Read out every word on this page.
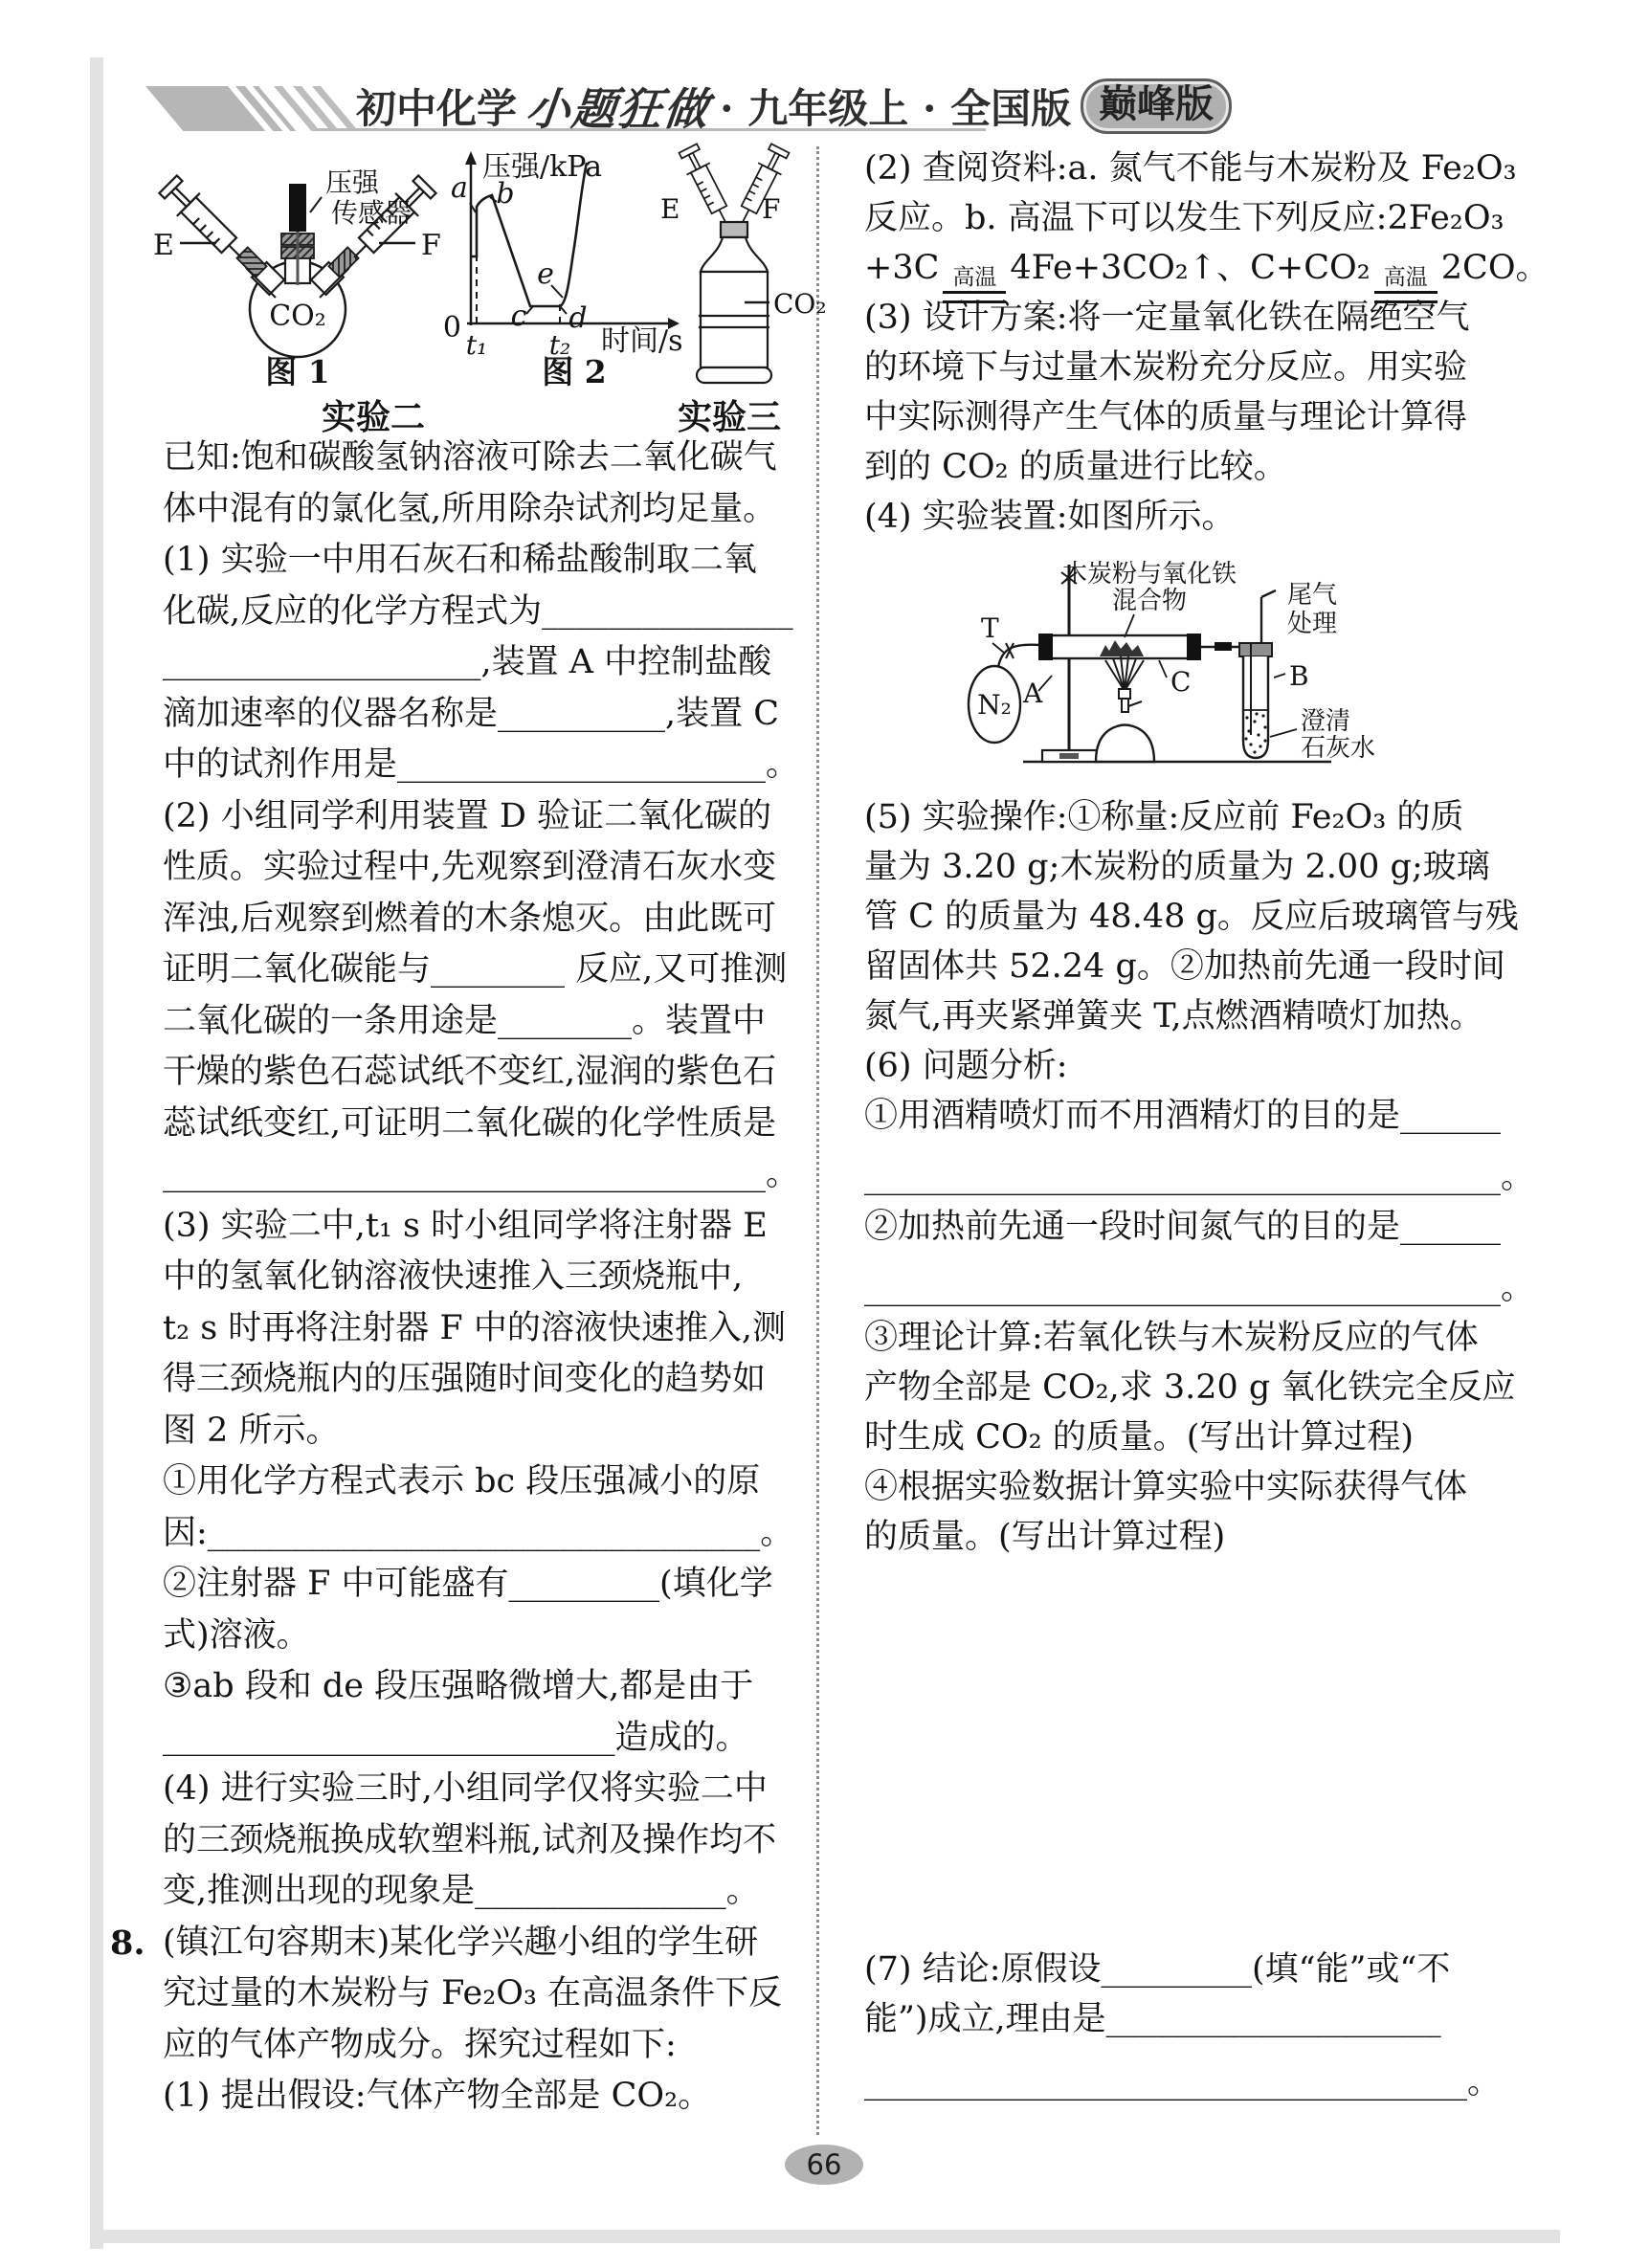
初中化学 小题狂做 · 九年级上 · 全国版 巅峰版
E	F
压强
传感器
CO₂
图 1
实验二
0
压强/kPa
时间/s
a b
c d
e
t₁ t₂
图 2
E	F
CO₂
实验三
已知:饱和碳酸氢钠溶液可除去二氧化碳气
体中混有的氯化氢,所用除杂试剂均足量。
(1) 实验一中用石灰石和稀盐酸制取二氧
化碳,反应的化学方程式为_______________
___________________,装置 A 中控制盐酸
滴加速率的仪器名称是__________,装置 C
中的试剂作用是______________________。
(2) 小组同学利用装置 D 验证二氧化碳的
性质。实验过程中,先观察到澄清石灰水变
浑浊,后观察到燃着的木条熄灭。由此既可
证明二氧化碳能与________ 反应,又可推测
二氧化碳的一条用途是________。装置中
干燥的紫色石蕊试纸不变红,湿润的紫色石
蕊试纸变红,可证明二氧化碳的化学性质是
____________________________________。
(3) 实验二中,t₁ s 时小组同学将注射器 E
中的氢氧化钠溶液快速推入三颈烧瓶中,
t₂ s 时再将注射器 F 中的溶液快速推入,测
得三颈烧瓶内的压强随时间变化的趋势如
图 2 所示。
①用化学方程式表示 bc 段压强减小的原
因:_________________________________。
②注射器 F 中可能盛有_________(填化学
式)溶液。
③ab 段和 de 段压强略微增大,都是由于
___________________________造成的。
(4) 进行实验三时,小组同学仅将实验二中
的三颈烧瓶换成软塑料瓶,试剂及操作均不
变,推测出现的现象是_______________。
8. (镇江句容期末)某化学兴趣小组的学生研
究过量的木炭粉与 Fe₂O₃ 在高温条件下反
应的气体产物成分。探究过程如下:
(1) 提出假设:气体产物全部是 CO₂。
(2) 查阅资料:a. 氮气不能与木炭粉及 Fe₂O₃
反应。b. 高温下可以发生下列反应:2Fe₂O₃
+3C 高温 4Fe+3CO₂↑、C+CO₂ 高温 2CO。
(3) 设计方案:将一定量氧化铁在隔绝空气
的环境下与过量木炭粉充分反应。用实验
中实际测得产生气体的质量与理论计算得
到的 CO₂ 的质量进行比较。
(4) 实验装置:如图所示。
N₂
T
A
木炭粉与氧化铁
混合物
C	B
尾气
处理
澄清
石灰水
(5) 实验操作:①称量:反应前 Fe₂O₃ 的质
量为 3.20 g;木炭粉的质量为 2.00 g;玻璃
管 C 的质量为 48.48 g。反应后玻璃管与残
留固体共 52.24 g。②加热前先通一段时间
氮气,再夹紧弹簧夹 T,点燃酒精喷灯加热。
(6) 问题分析:
①用酒精喷灯而不用酒精灯的目的是______
______________________________________。
②加热前先通一段时间氮气的目的是______
______________________________________。
③理论计算:若氧化铁与木炭粉反应的气体
产物全部是 CO₂,求 3.20 g 氧化铁完全反应
时生成 CO₂ 的质量。(写出计算过程)
④根据实验数据计算实验中实际获得气体
的质量。(写出计算过程)
(7) 结论:原假设_________(填“能”或“不
能”)成立,理由是____________________
____________________________________。
66
